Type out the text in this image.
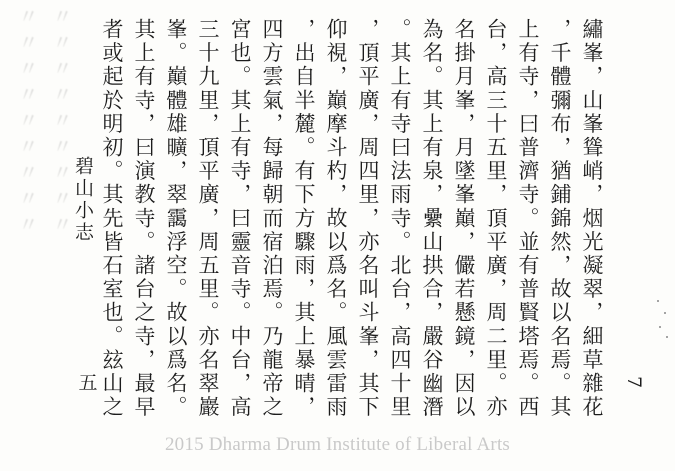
〃〃〃〃〃〃〃〃〃 〃〃〃〃〃〃〃〃〃	繡峯，山峯聳峭，烟光凝翠，細草雜花
，千體彌布，猶鋪錦然，故以名焉。其
上有寺，曰普濟寺。並有普賢塔焉。西
台，高三十五里，頂平廣，周二里。亦
名掛月峯，月墜峯巔，儼若懸鏡，因以
為名。其上有泉，纍山拱合，嚴谷幽潛
。其上有寺曰法雨寺。北台，高四十里
，頂平廣，周四里，亦名叫斗峯，其下
仰視，巔摩斗杓，故以爲名。風雲雷雨
，出自半麓。有下方驟雨，其上暴晴，
四方雲氣，每歸朝而宿泊焉。乃龍帝之
宮也。其上有寺，曰靈音寺。中台，高
三十九里，頂平廣，周五里。亦名翠巖
峯。巔體雄曠，翠靄浮空。故以爲名。
其上有寺，曰演教寺。諸台之寺，最早
者或起於明初。其先皆石室也。玆山之
碧山小志
五	7
2015 Dharma Drum Institute of Liberal Arts
